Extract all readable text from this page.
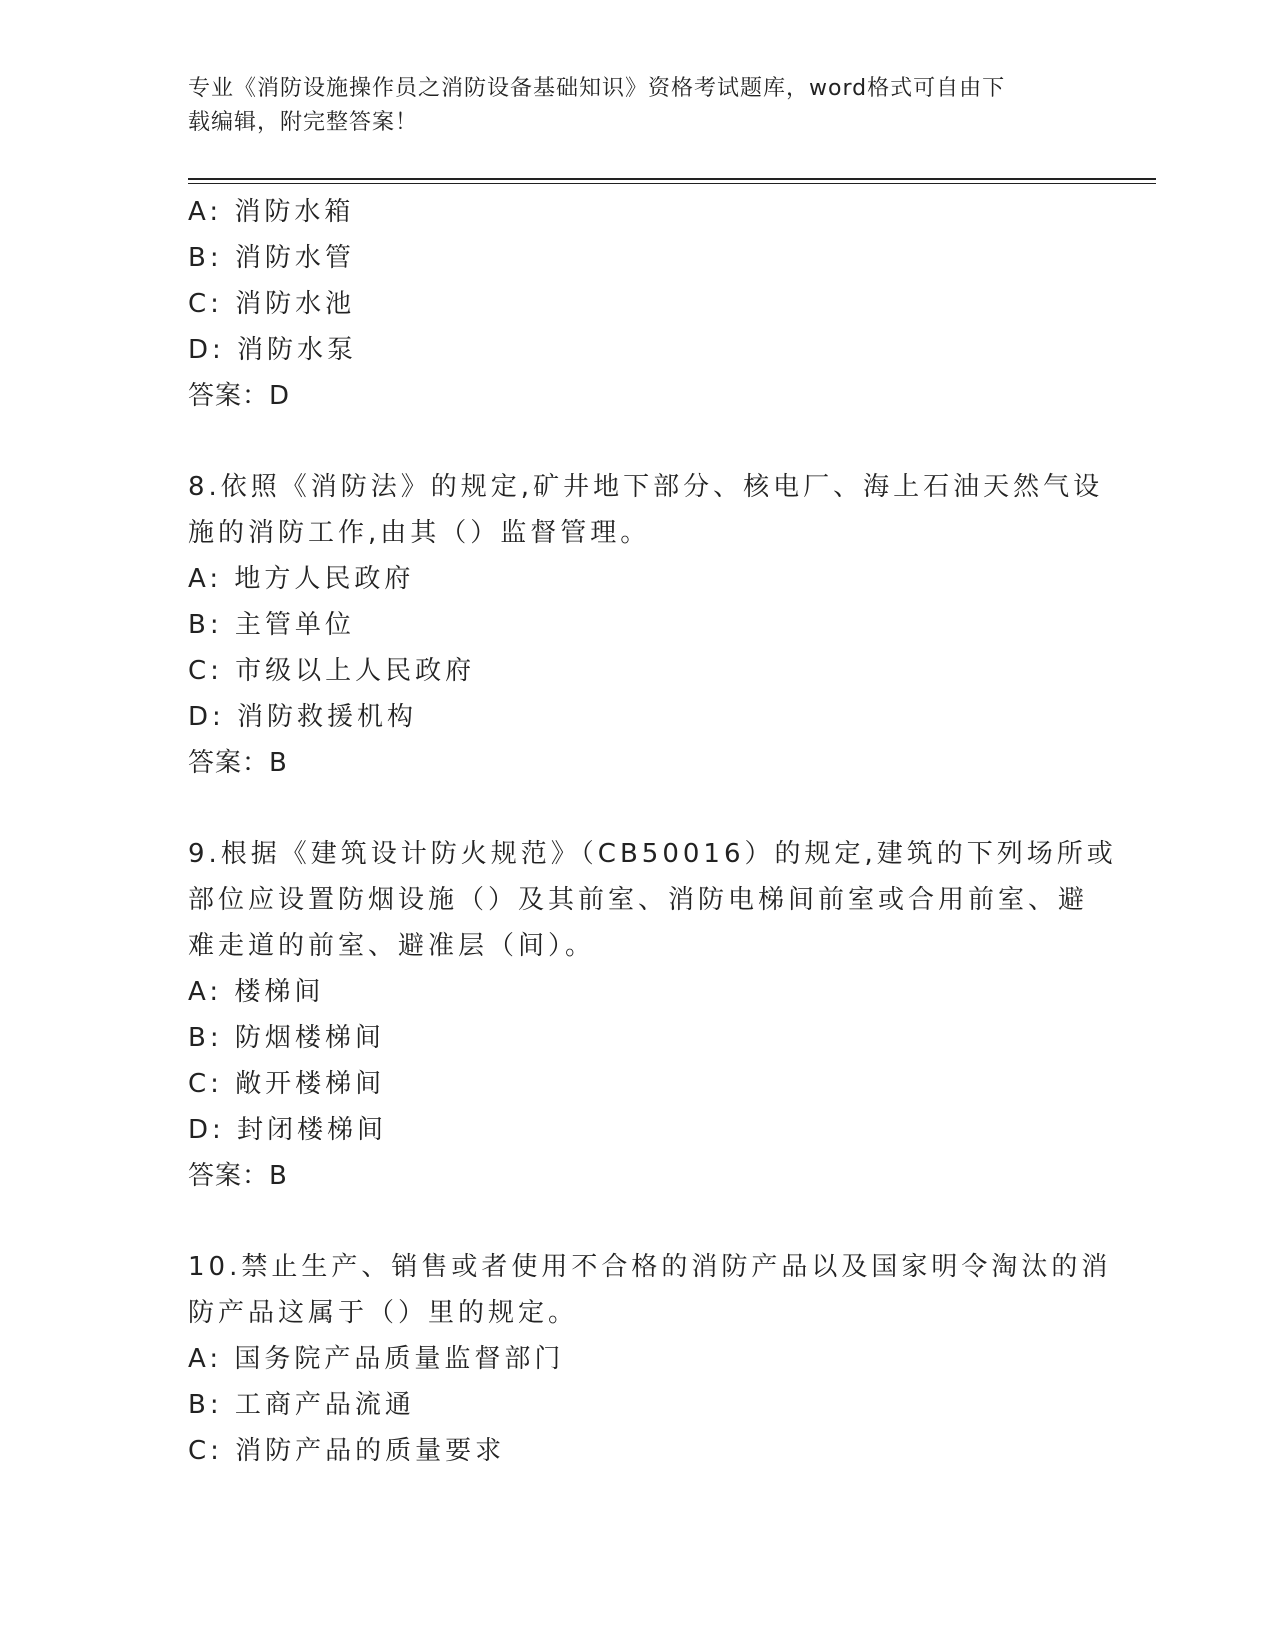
专业《消防设施操作员之消防设备基础知识》资格考试题库，word格式可自由下
载编辑，附完整答案！
A: 消防水箱
B: 消防水管
C: 消防水池
D: 消防水泵
答案：D
8.依照《消防法》的规定,矿井地下部分、核电厂、海上石油天然气设
施的消防工作,由其（）监督管理。
A: 地方人民政府
B: 主管单位
C: 市级以上人民政府
D: 消防救援机构
答案：B
9.根据《建筑设计防火规范》（CB50016）的规定,建筑的下列场所或
部位应设置防烟设施（）及其前室、消防电梯间前室或合用前室、避
难走道的前室、避准层（间）。
A: 楼梯间
B: 防烟楼梯间
C: 敞开楼梯间
D: 封闭楼梯间
答案：B
10.禁止生产、销售或者使用不合格的消防产品以及国家明令淘汰的消
防产品这属于（）里的规定。
A: 国务院产品质量监督部门
B: 工商产品流通
C: 消防产品的质量要求
